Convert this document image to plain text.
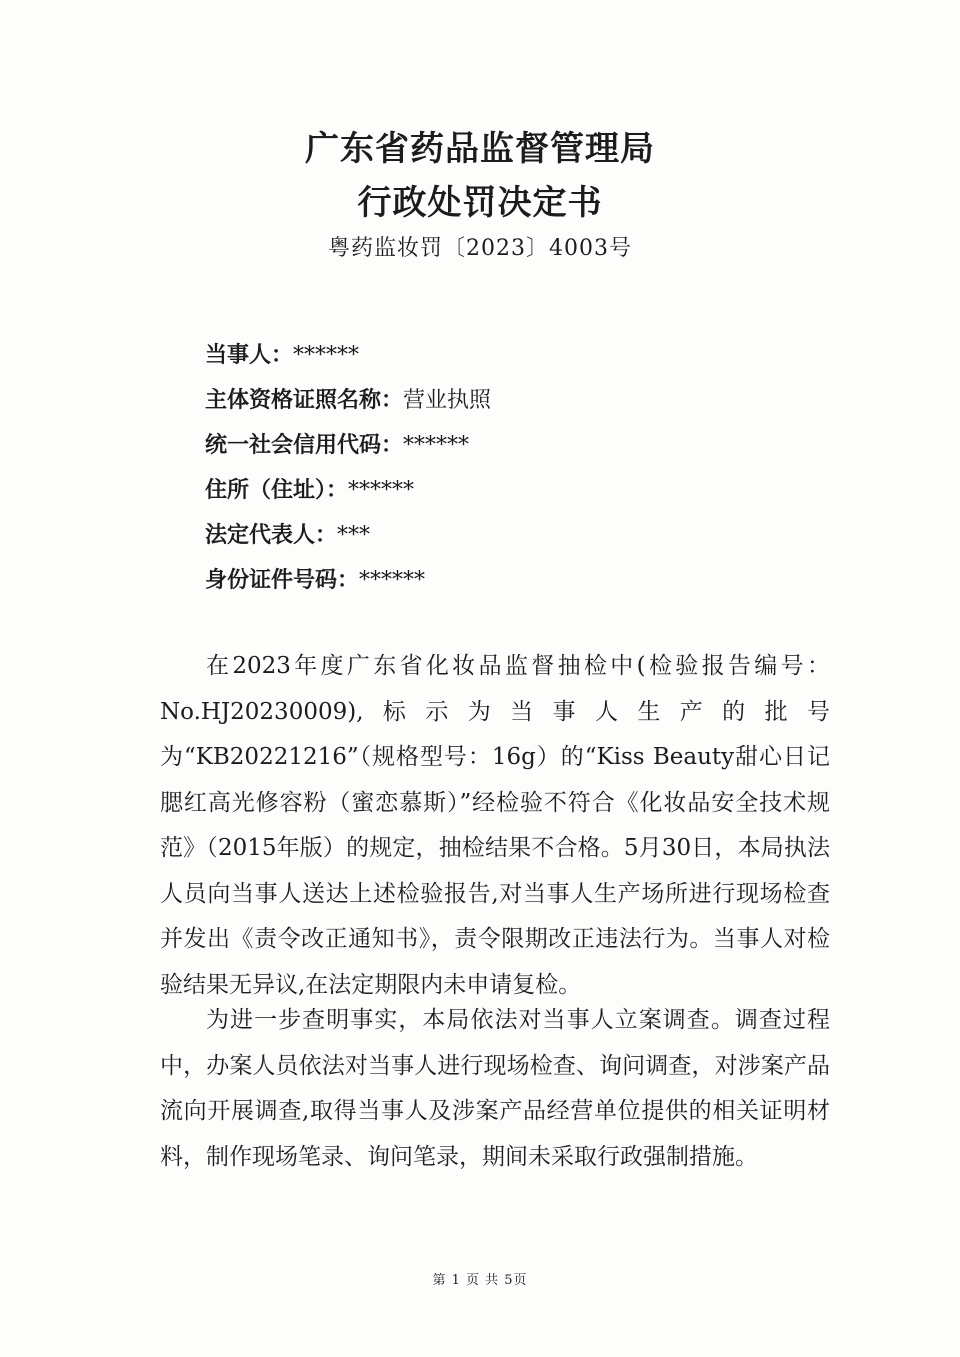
广东省药品监督管理局
行政处罚决定书
粤药监妆罚〔2023〕4003号
当事人：******
主体资格证照名称：营业执照
统一社会信用代码：******
住所（住址）：******
法定代表人：***
身份证件号码：******

在2023年度广东省化妆品监督抽检中(检验报告编号：No.HJ20230009),标示为当事人生产的批号为“KB20221216”（规格型号：16g）的“Kiss Beauty甜心日记腮红高光修容粉（蜜恋慕斯）”经检验不符合《化妆品安全技术规范》（2015年版）的规定，抽检结果不合格。5月30日，本局执法人员向当事人送达上述检验报告,对当事人生产场所进行现场检查并发出《责令改正通知书》，责令限期改正违法行为。当事人对检验结果无异议,在法定期限内未申请复检。

为进一步查明事实，本局依法对当事人立案调查。调查过程中，办案人员依法对当事人进行现场检查、询问调查，对涉案产品流向开展调查,取得当事人及涉案产品经营单位提供的相关证明材料，制作现场笔录、询问笔录，期间未采取行政强制措施。

第 1 页 共 5页
